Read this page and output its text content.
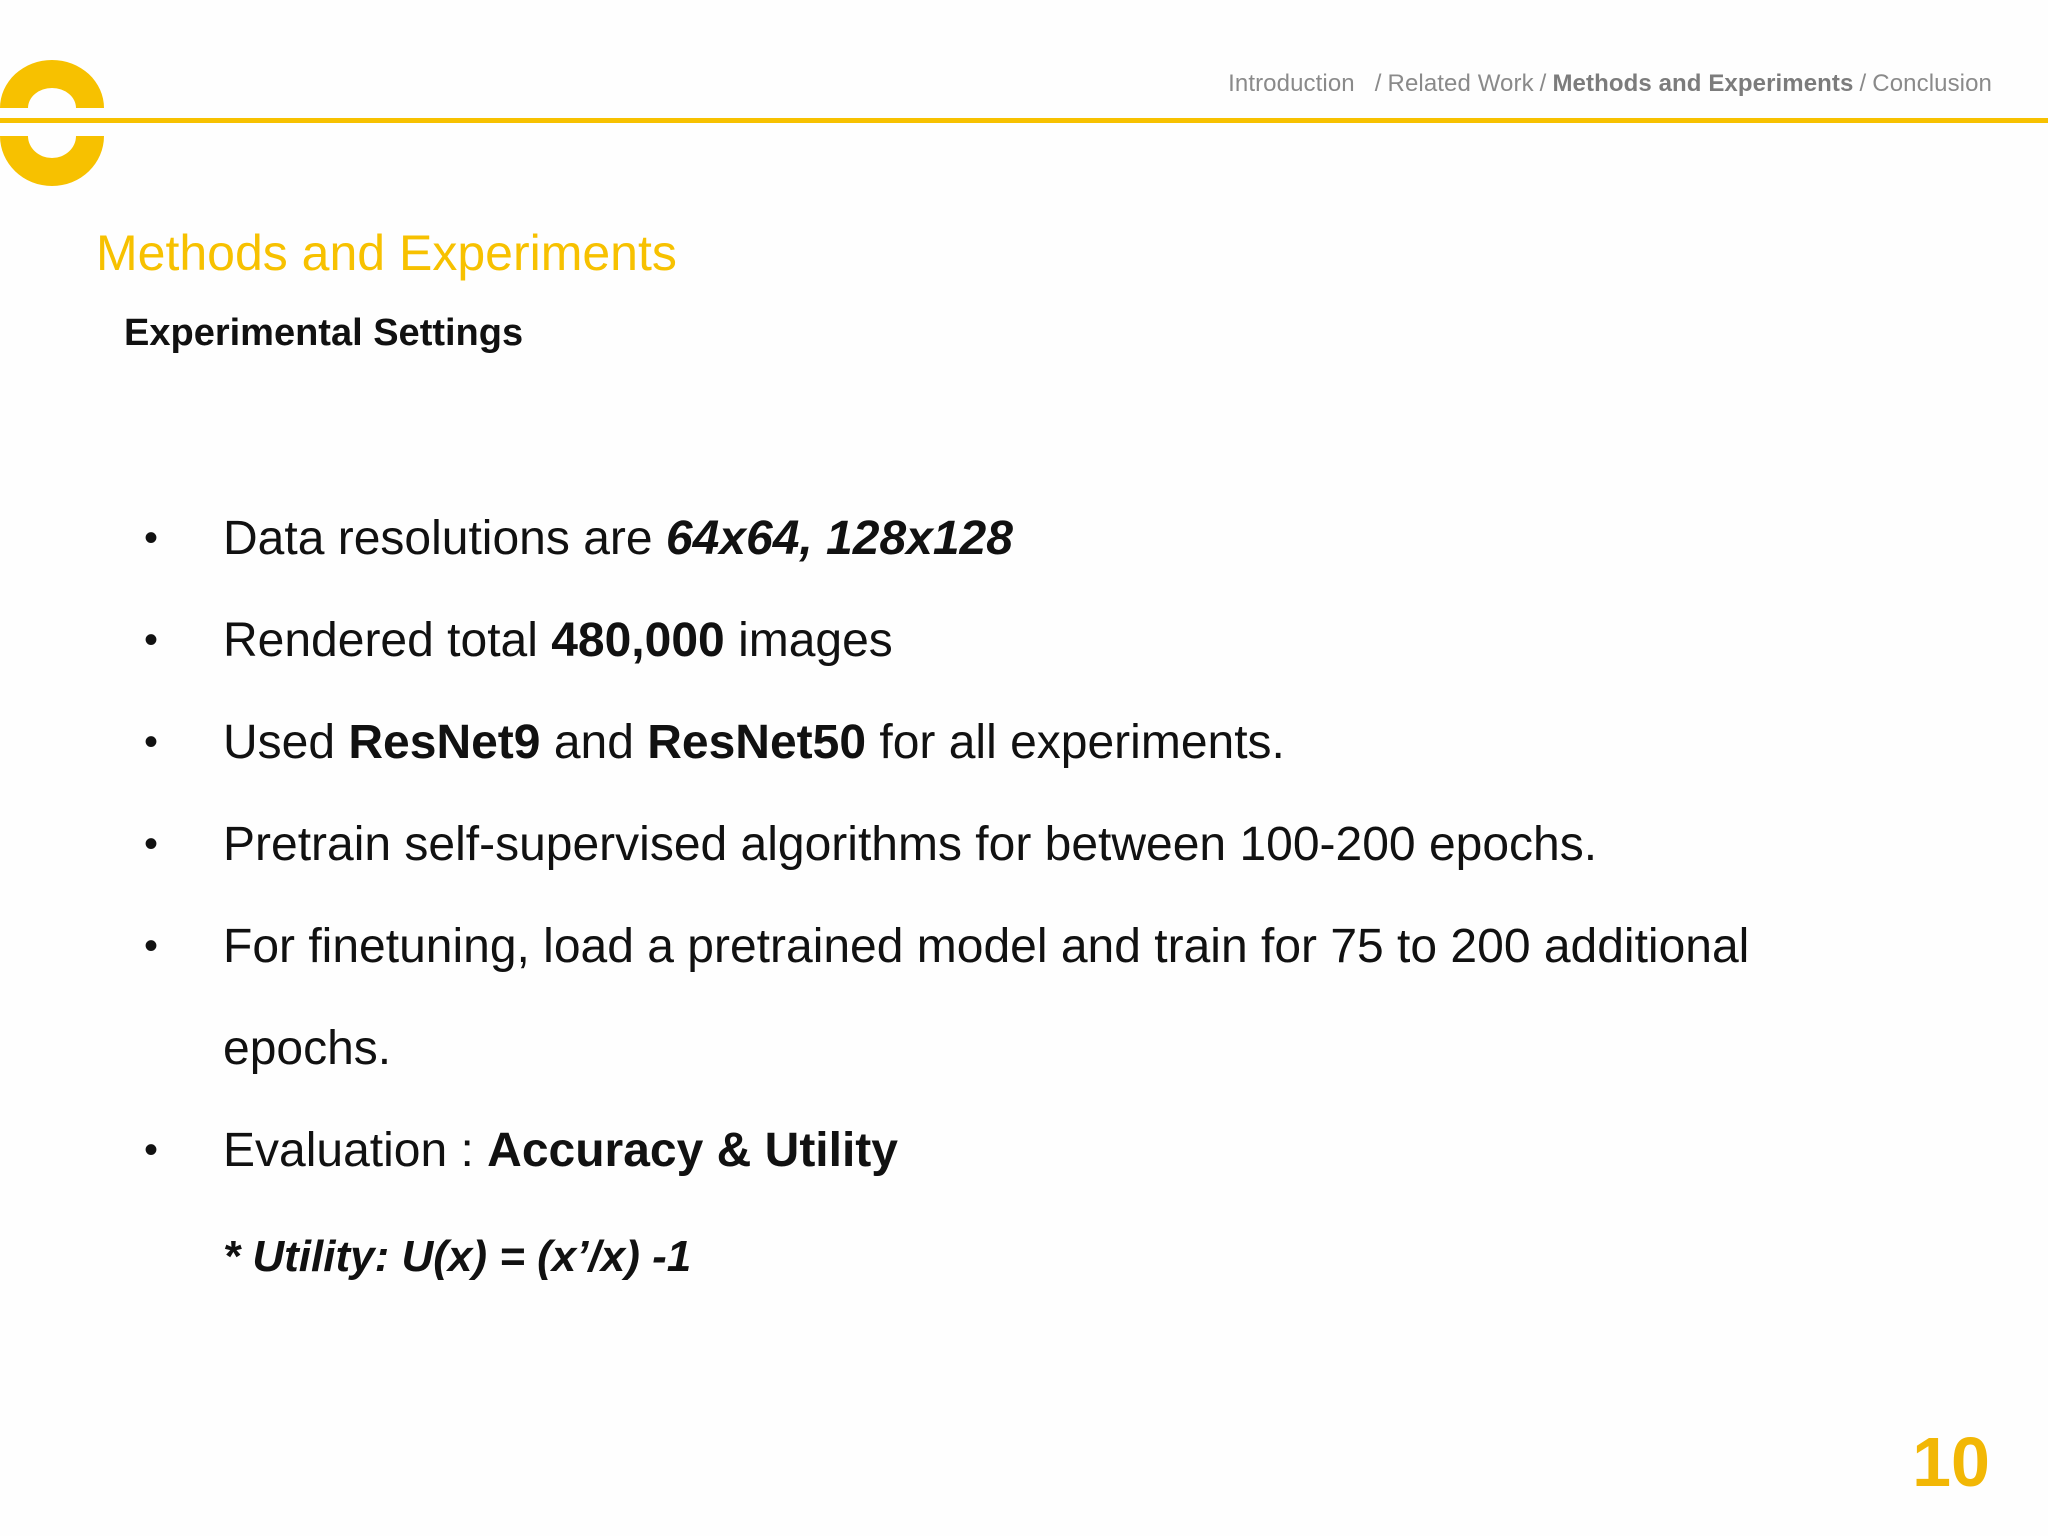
Introduction / Related Work / Methods and Experiments / Conclusion
Methods and Experiments
Experimental Settings
• Data resolutions are 64x64, 128x128
• Rendered total 480,000 images
• Used ResNet9 and ResNet50 for all experiments.
• Pretrain self-supervised algorithms for between 100-200 epochs.
• For finetuning, load a pretrained model and train for 75 to 200 additional
epochs.
• Evaluation : Accuracy & Utility
* Utility: U(x) = (x’/x) -1
10
